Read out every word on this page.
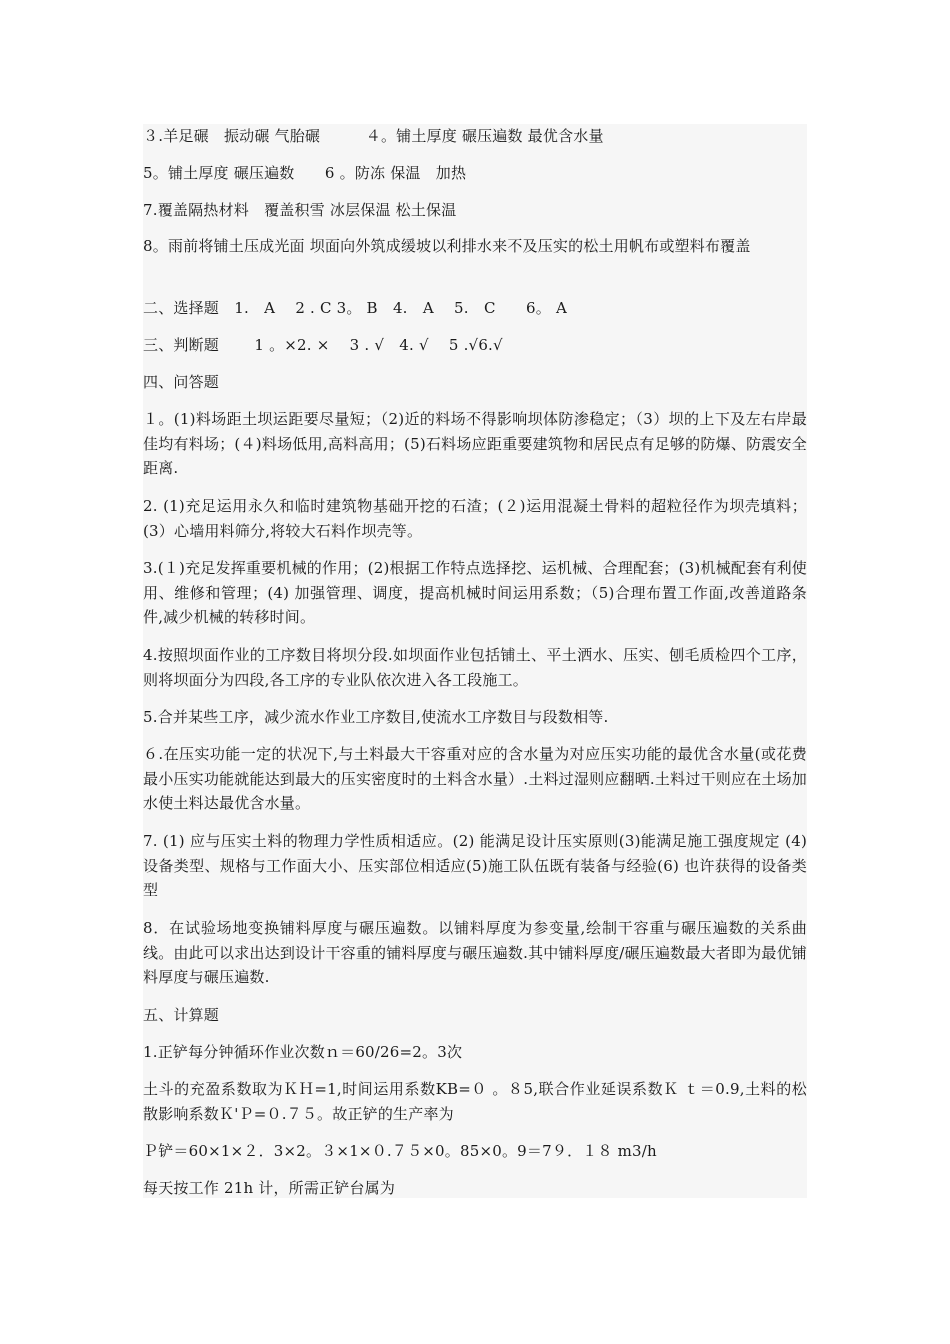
３.羊足碾　振动碾 气胎碾　　　４。铺土厚度 碾压遍数 最优含水量
5。铺土厚度 碾压遍数　　6 。防冻 保温　加热
7.覆盖隔热材料　覆盖积雪 冰层保温 松土保温
8。雨前将铺土压成光面 坝面向外筑成缓坡以利排水来不及压实的松土用帆布或塑料布覆盖
二、选择题　1.　A　 2 . C 3。 B　4.　A　 5.　C　　6。 A
三、判断题　　 1 。×2. ×　 3 . √　4. √　 5 .√6.√
四、问答题
１。(1)料场距土坝运距要尽量短；（2)近的料场不得影响坝体防渗稳定；（3）坝的上下及左右岸最佳均有料场；(４)料场低用,高料高用；(5)石料场应距重要建筑物和居民点有足够的防爆、防震安全距离.
2. (1)充足运用永久和临时建筑物基础开挖的石渣；(２)运用混凝土骨料的超粒径作为坝壳填料；(3）心墙用料筛分,将较大石料作坝壳等。
3.(１)充足发挥重要机械的作用；(2)根据工作特点选择挖、运机械、合理配套；(3)机械配套有利使用、维修和管理；(4) 加强管理、调度，提高机械时间运用系数；（5)合理布置工作面,改善道路条件,减少机械的转移时间。
4.按照坝面作业的工序数目将坝分段.如坝面作业包括铺土、平土洒水、压实、刨毛质检四个工序，则将坝面分为四段,各工序的专业队依次进入各工段施工。
5.合并某些工序，减少流水作业工序数目,使流水工序数目与段数相等.
６.在压实功能一定的状况下,与土料最大干容重对应的含水量为对应压实功能的最优含水量(或花费最小压实功能就能达到最大的压实密度时的土料含水量）.土料过湿则应翻晒.土料过干则应在土场加水使土料达最优含水量。
7. (1) 应与压实土料的物理力学性质相适应。(2) 能满足设计压实原则(3)能满足施工强度规定 (4)设备类型、规格与工作面大小、压实部位相适应(5)施工队伍既有装备与经验(6) 也许获得的设备类型
8．在试验场地变换铺料厚度与碾压遍数。以铺料厚度为参变量,绘制干容重与碾压遍数的关系曲线。由此可以求出达到设计干容重的铺料厚度与碾压遍数.其中铺料厚度/碾压遍数最大者即为最优铺料厚度与碾压遍数.
五、计算题
1.正铲每分钟循环作业次数ｎ＝60/26=2。3次
土斗的充盈系数取为ＫＨ=1,时间运用系数KB=０ 。８5,联合作业延误系数Ｋ ｔ＝0.9,土料的松散影响系数Ｋ'Ｐ=０.７５。故正铲的生产率为
Ｐ铲＝60×1×２．3×2。３×1×０.７５×0。85×0。9＝7９．１８ m3/h
每天按工作 21h 计，所需正铲台属为
